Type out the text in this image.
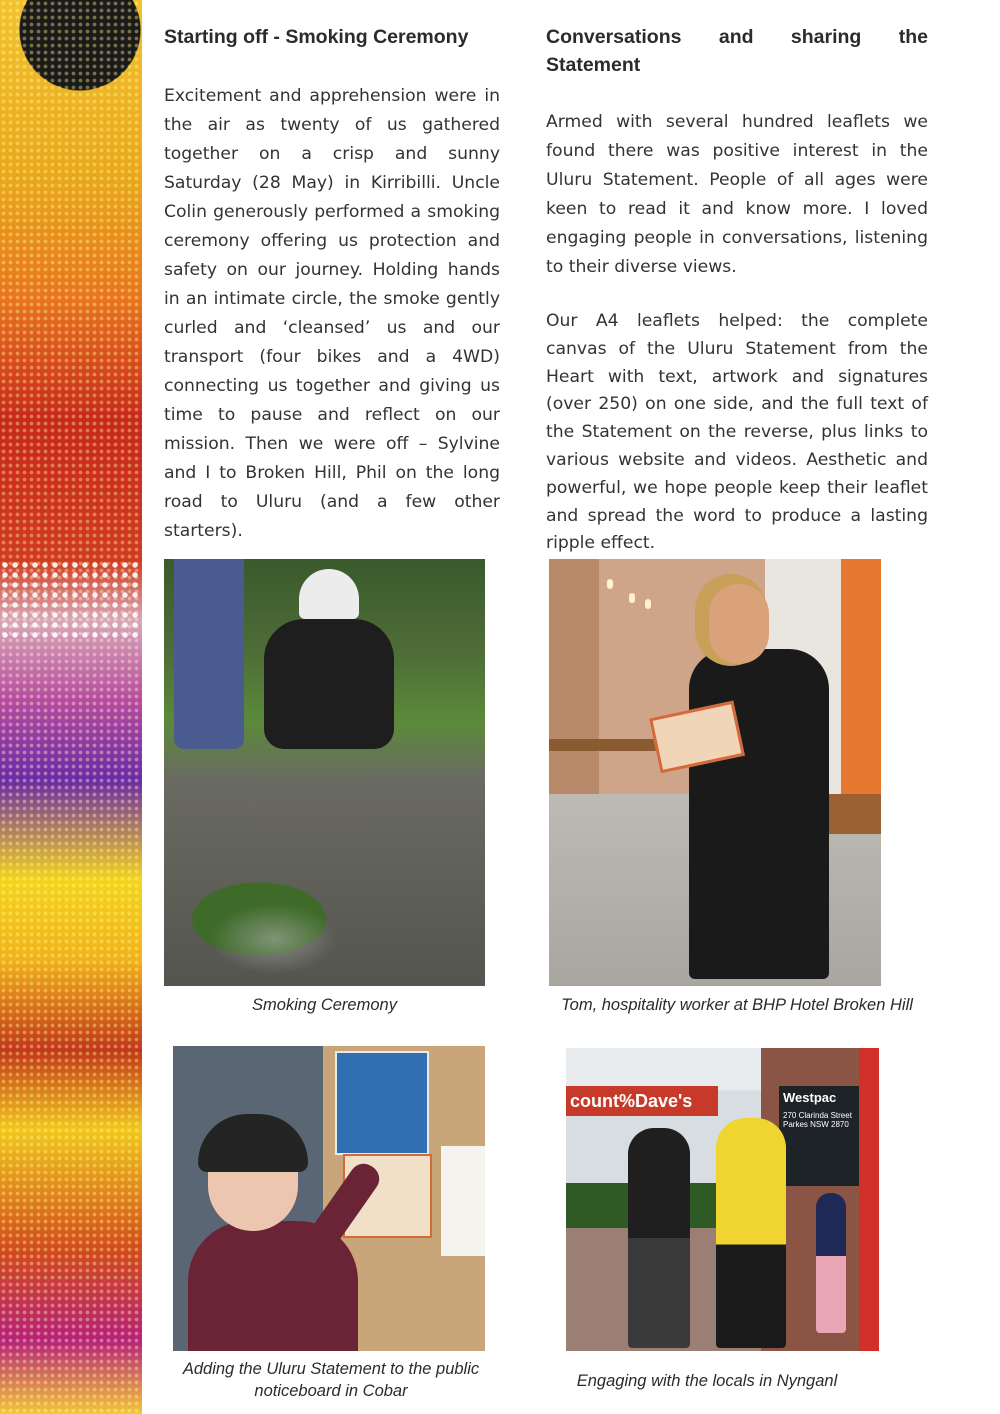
Starting off - Smoking Ceremony

Excitement and apprehension were in the air as twenty of us gathered together on a crisp and sunny Saturday (28 May) in Kirribilli. Uncle Colin generously performed a smoking ceremony offering us protection and safety on our journey. Holding hands in an intimate circle, the smoke gently curled and ‘cleansed’ us and our transport (four bikes and a 4WD) connecting us together and giving us time to pause and reflect on our mission. Then we were off – Sylvine and I to Broken Hill, Phil on the long road to Uluru (and a few other starters).

Conversations and sharing the Statement

Armed with several hundred leaflets we found there was positive interest in the Uluru Statement. People of all ages were keen to read it and know more. I loved engaging people in conversations, listening to their diverse views.

Our A4 leaflets helped: the complete canvas of the Uluru Statement from the Heart with text, artwork and signatures (over 250) on one side, and the full text of the Statement on the reverse, plus links to various website and videos. Aesthetic and powerful, we hope people keep their leaflet and spread the word to produce a lasting ripple effect.

Smoking Ceremony	Tom, hospitality worker at BHP Hotel Broken Hill

Adding the Uluru Statement to the public noticeboard in Cobar

count%Dave's	Westpac
270 Clarinda Street Parkes NSW 2870

Engaging with the locals in Nynganl
